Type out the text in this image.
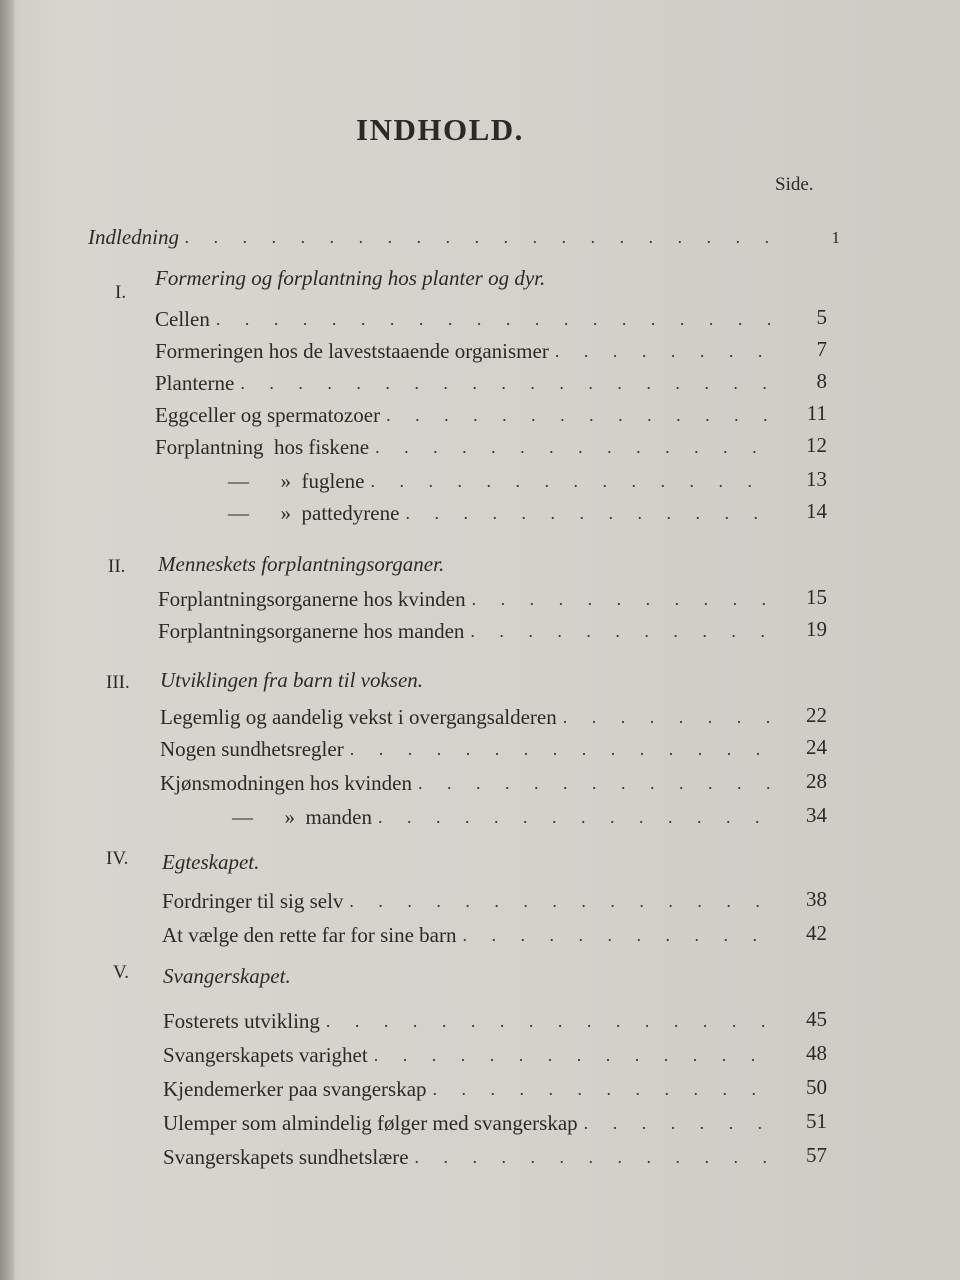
INDHOLD.
Side.
Indledning . . .	1
I.
Formering og forplantning hos planter og dyr.
Cellen . . .	5
Formeringen hos de laveststaaende organismer . . .	7
Planterne . . .	8
Eggceller og spermatozoer . . .	11
Forplantning  hos fiskene . . .	12
—      »  fuglene . . .	13
—      »  pattedyrene . . .	14
II. Menneskets forplantningsorganer.
Forplantningsorganerne hos kvinden . . .	15
Forplantningsorganerne hos manden . . .	19
III. Utviklingen fra barn til voksen.
Legemlig og aandelig vekst i overgangsalderen . . .	22
Nogen sundhetsregler . . .	24
Kjønsmodningen hos kvinden . . .	28
—      »  manden . . .	34
IV. Egteskapet.
Fordringer til sig selv . . .	38
At vælge den rette far for sine barn . . .	42
V. Svangerskapet.
Fosterets utvikling . . .	45
Svangerskapets varighet . . .	48
Kjendemerker paa svangerskap . . .	50
Ulemper som almindelig følger med svangerskap . . .	51
Svangerskapets sundhetslære . . .	57
